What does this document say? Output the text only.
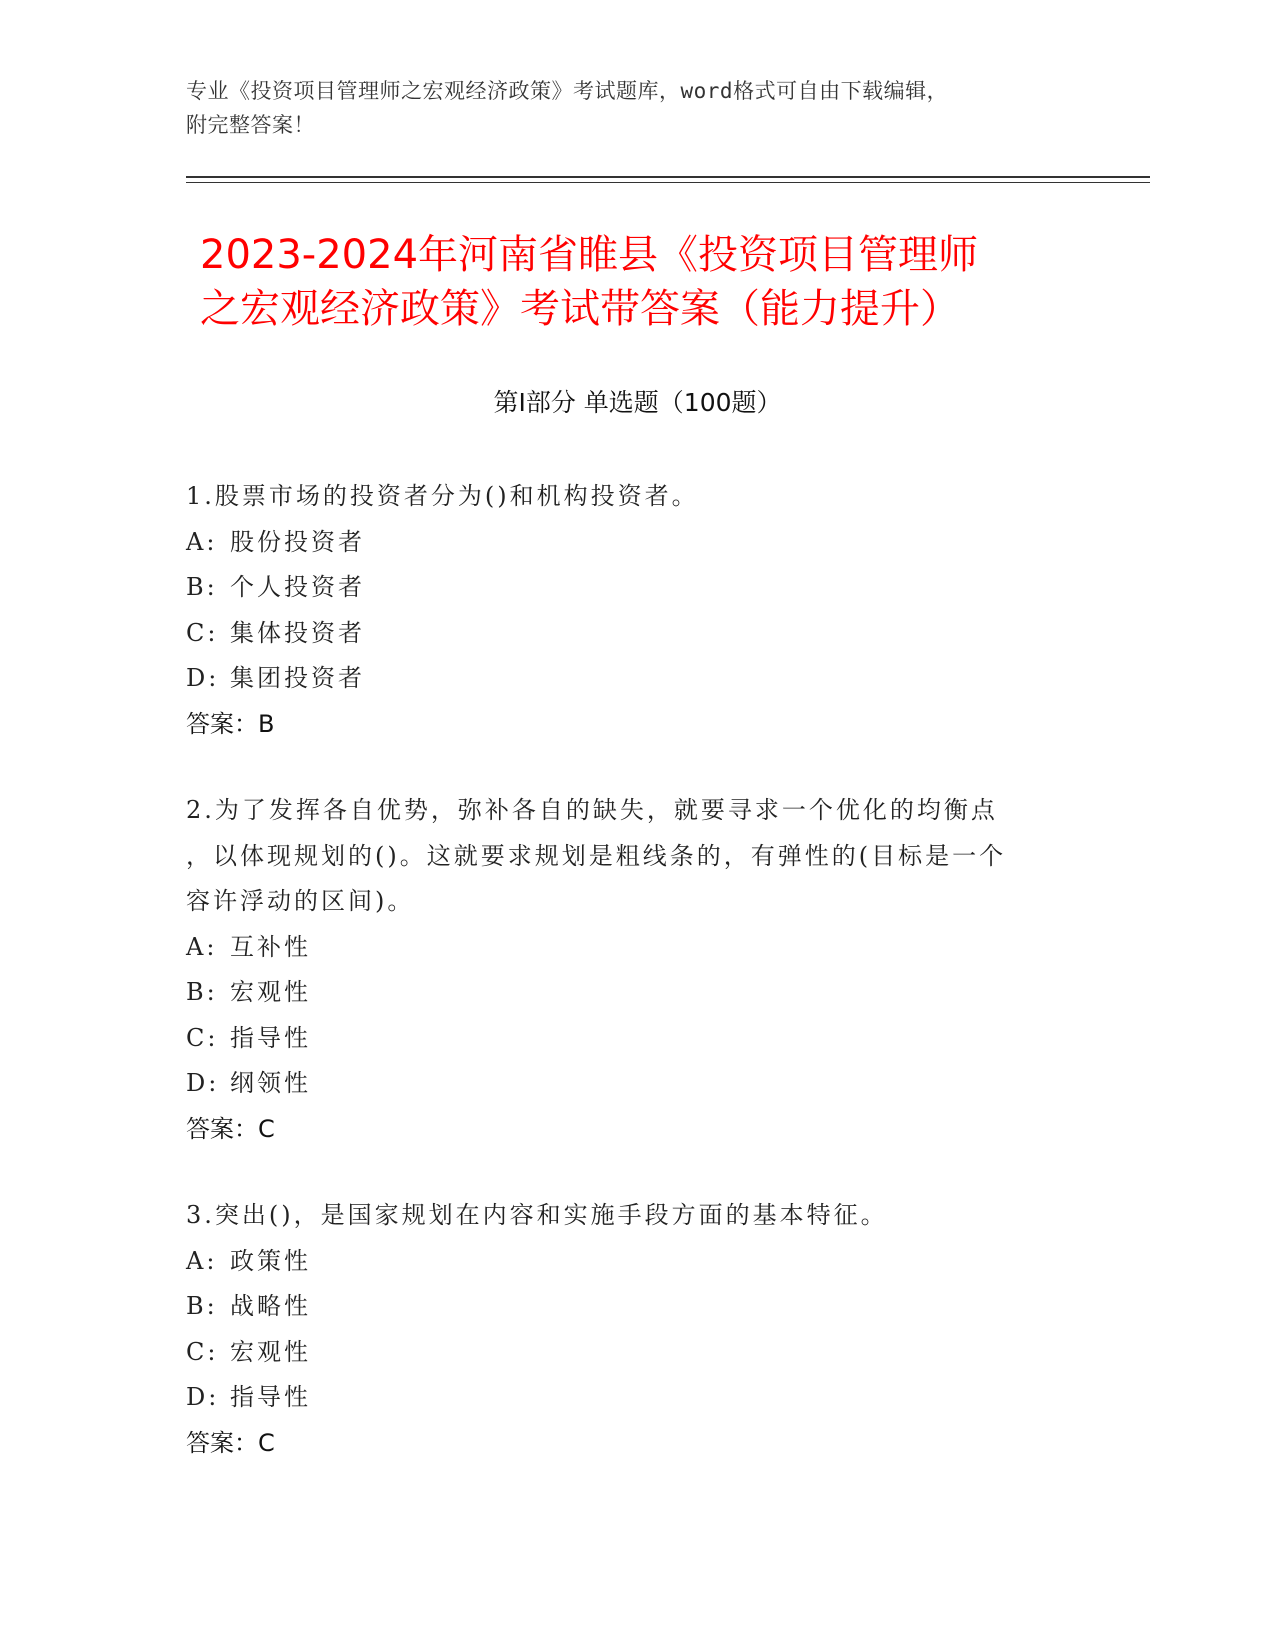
专业《投资项目管理师之宏观经济政策》考试题库，word格式可自由下载编辑，
附完整答案！
2023-2024年河南省睢县《投资项目管理师
之宏观经济政策》考试带答案（能力提升）
第Ⅰ部分 单选题（100题）
1.股票市场的投资者分为()和机构投资者。
A: 股份投资者
B: 个人投资者
C: 集体投资者
D: 集团投资者
答案：B
2.为了发挥各自优势，弥补各自的缺失，就要寻求一个优化的均衡点
，以体现规划的()。这就要求规划是粗线条的，有弹性的(目标是一个
容许浮动的区间)。
A: 互补性
B: 宏观性
C: 指导性
D: 纲领性
答案：C
3.突出()，是国家规划在内容和实施手段方面的基本特征。
A: 政策性
B: 战略性
C: 宏观性
D: 指导性
答案：C
